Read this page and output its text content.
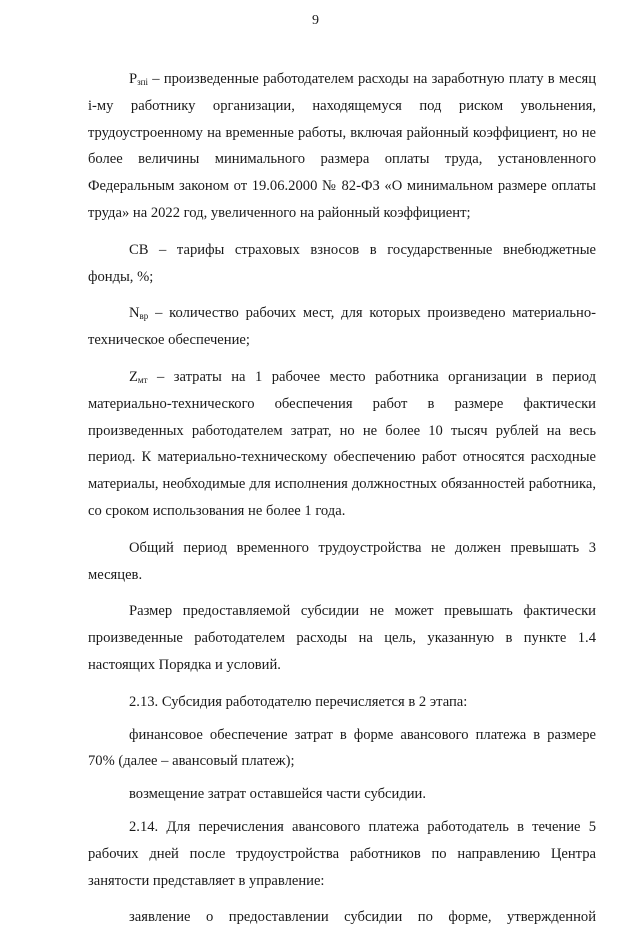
9

$P_{зпі}$ – произведенные работодателем расходы на заработную плату в месяц i-му работнику организации, находящемуся под риском увольнения, трудоустроенному на временные работы, включая районный коэффициент, но не более величины минимального размера оплаты труда, установленного Федеральным законом от 19.06.2000 № 82-ФЗ «О минимальном размере оплаты труда» на 2022 год, увеличенного на районный коэффициент;

СВ – тарифы страховых взносов в государственные внебюджетные фонды, %;

$N_{вр}$ – количество рабочих мест, для которых произведено материально-техническое обеспечение;

$Z_{мт}$ – затраты на 1 рабочее место работника организации в период материально-технического обеспечения работ в размере фактически произведенных работодателем затрат, но не более 10 тысяч рублей на весь период. К материально-техническому обеспечению работ относятся расходные материалы, необходимые для исполнения должностных обязанностей работника, со сроком использования не более 1 года.

Общий период временного трудоустройства не должен превышать 3 месяцев.

Размер предоставляемой субсидии не может превышать фактически произведенные работодателем расходы на цель, указанную в пункте 1.4 настоящих Порядка и условий.

2.13. Субсидия работодателю перечисляется в 2 этапа:

финансовое обеспечение затрат в форме авансового платежа в размере 70% (далее – авансовый платеж);

возмещение затрат оставшейся части субсидии.

2.14. Для перечисления авансового платежа работодатель в течение 5 рабочих дней после трудоустройства работников по направлению Центра занятости представляет в управление:

заявление о предоставлении субсидии по форме, утвержденной
